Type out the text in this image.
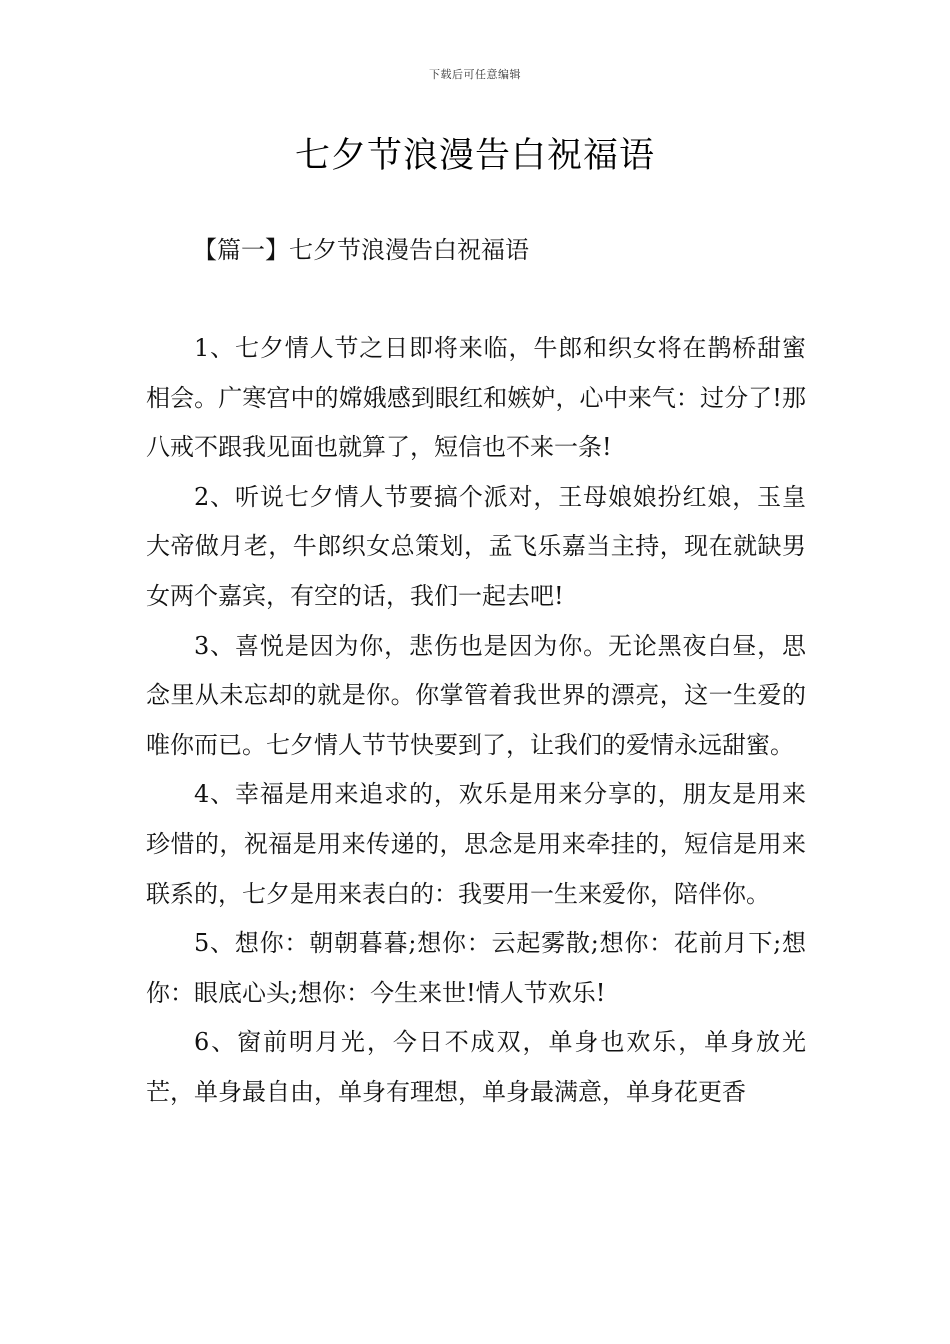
下载后可任意编辑
七夕节浪漫告白祝福语
【篇一】七夕节浪漫告白祝福语

1、七夕情人节之日即将来临，牛郎和织女将在鹊桥甜蜜相会。广寒宫中的嫦娥感到眼红和嫉妒，心中来气：过分了!那八戒不跟我见面也就算了，短信也不来一条!

2、听说七夕情人节要搞个派对，王母娘娘扮红娘，玉皇大帝做月老，牛郎织女总策划，孟飞乐嘉当主持，现在就缺男女两个嘉宾，有空的话，我们一起去吧!

3、喜悦是因为你，悲伤也是因为你。无论黑夜白昼，思念里从未忘却的就是你。你掌管着我世界的漂亮，这一生爱的唯你而已。七夕情人节节快要到了，让我们的爱情永远甜蜜。

4、幸福是用来追求的，欢乐是用来分享的，朋友是用来珍惜的，祝福是用来传递的，思念是用来牵挂的，短信是用来联系的，七夕是用来表白的：我要用一生来爱你，陪伴你。

5、想你：朝朝暮暮;想你：云起雾散;想你：花前月下;想你：眼底心头;想你：今生来世!情人节欢乐!

6、窗前明月光，今日不成双，单身也欢乐，单身放光芒，单身最自由，单身有理想，单身最满意，单身花更香
